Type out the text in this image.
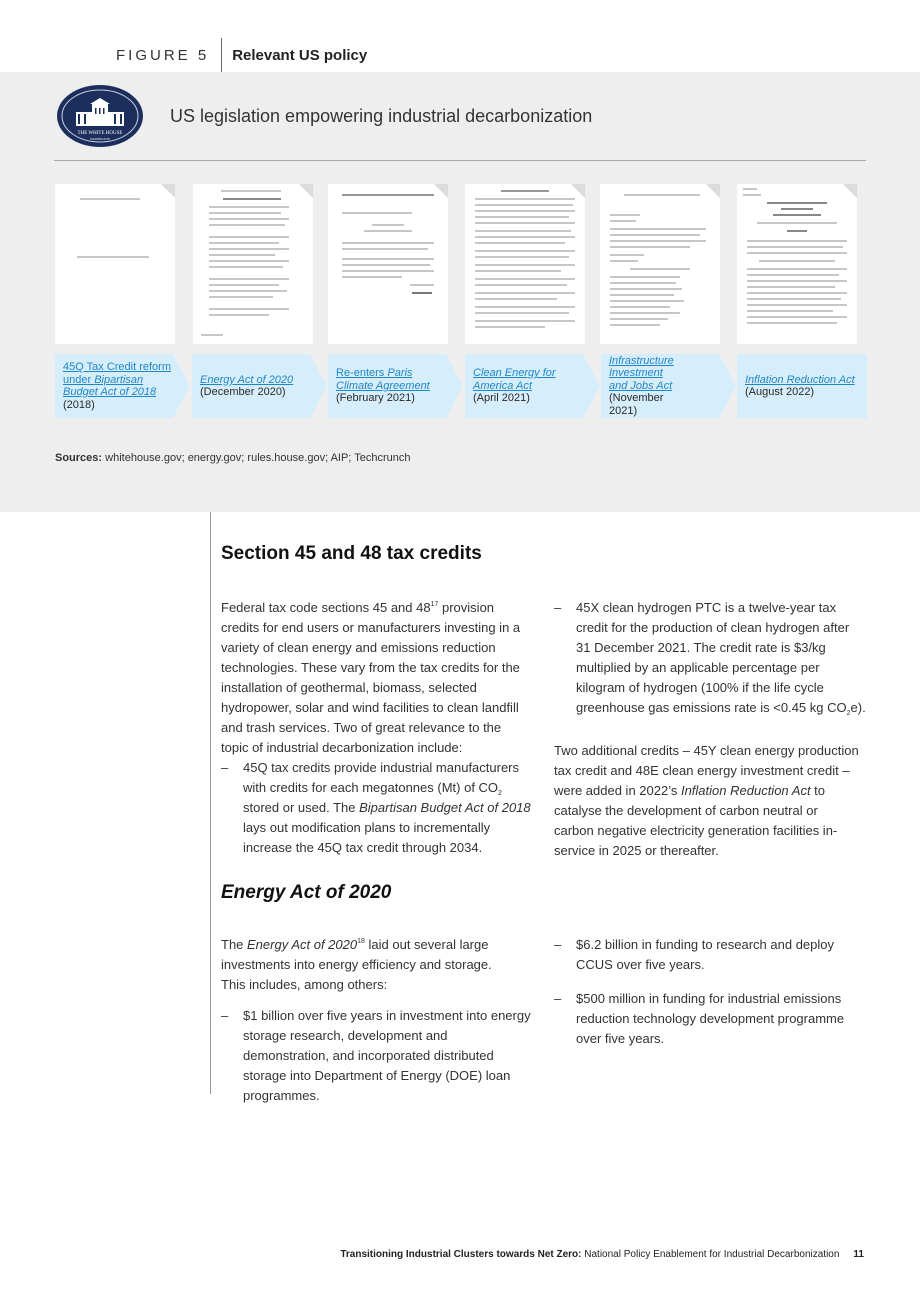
FIGURE 5 Relevant US policy
THE WHITE HOUSE
WASHINGTON
US legislation empowering industrial decarbonization
45Q Tax Credit reform under Bipartisan Budget Act of 2018
(2018)
Energy Act of 2020
(December 2020)
Re-enters Paris Climate Agreement
(February 2021)
Clean Energy for America Act
(April 2021)
Infrastructure Investment and Jobs Act
(November 2021)
Inflation Reduction Act
(August 2022)
Sources: whitehouse.gov; energy.gov; rules.house.gov; AIP; Techcrunch
Section 45 and 48 tax credits
Federal tax code sections 45 and $48^{17}$ provision credits for end users or manufacturers investing in a variety of clean energy and emissions reduction technologies. These vary from the tax credits for the installation of geothermal, biomass, selected hydropower, solar and wind facilities to clean landfill and trash services. Two of great relevance to the topic of industrial decarbonization include:
– 45Q tax credits provide industrial manufacturers with credits for each megatonnes (Mt) of $CO_2$ stored or used. The Bipartisan Budget Act of 2018 lays out modification plans to incrementally increase the 45Q tax credit through 2034.
– 45X clean hydrogen PTC is a twelve-year tax credit for the production of clean hydrogen after 31 December 2021. The credit rate is $3/kg multiplied by an applicable percentage per kilogram of hydrogen (100% if the life cycle greenhouse gas emissions rate is <0.45 kg $CO_2e$).
Two additional credits – 45Y clean energy production tax credit and 48E clean energy investment credit – were added in 2022’s Inflation Reduction Act to catalyse the development of carbon neutral or carbon negative electricity generation facilities in-service in 2025 or thereafter.
Energy Act of 2020
The Energy Act of 2020$^{18}$ laid out several large investments into energy efficiency and storage. This includes, among others:
– $1 billion over five years in investment into energy storage research, development and demonstration, and incorporated distributed storage into Department of Energy (DOE) loan programmes.
– $6.2 billion in funding to research and deploy CCUS over five years.
– $500 million in funding for industrial emissions reduction technology development programme over five years.
Transitioning Industrial Clusters towards Net Zero: National Policy Enablement for Industrial Decarbonization 11
